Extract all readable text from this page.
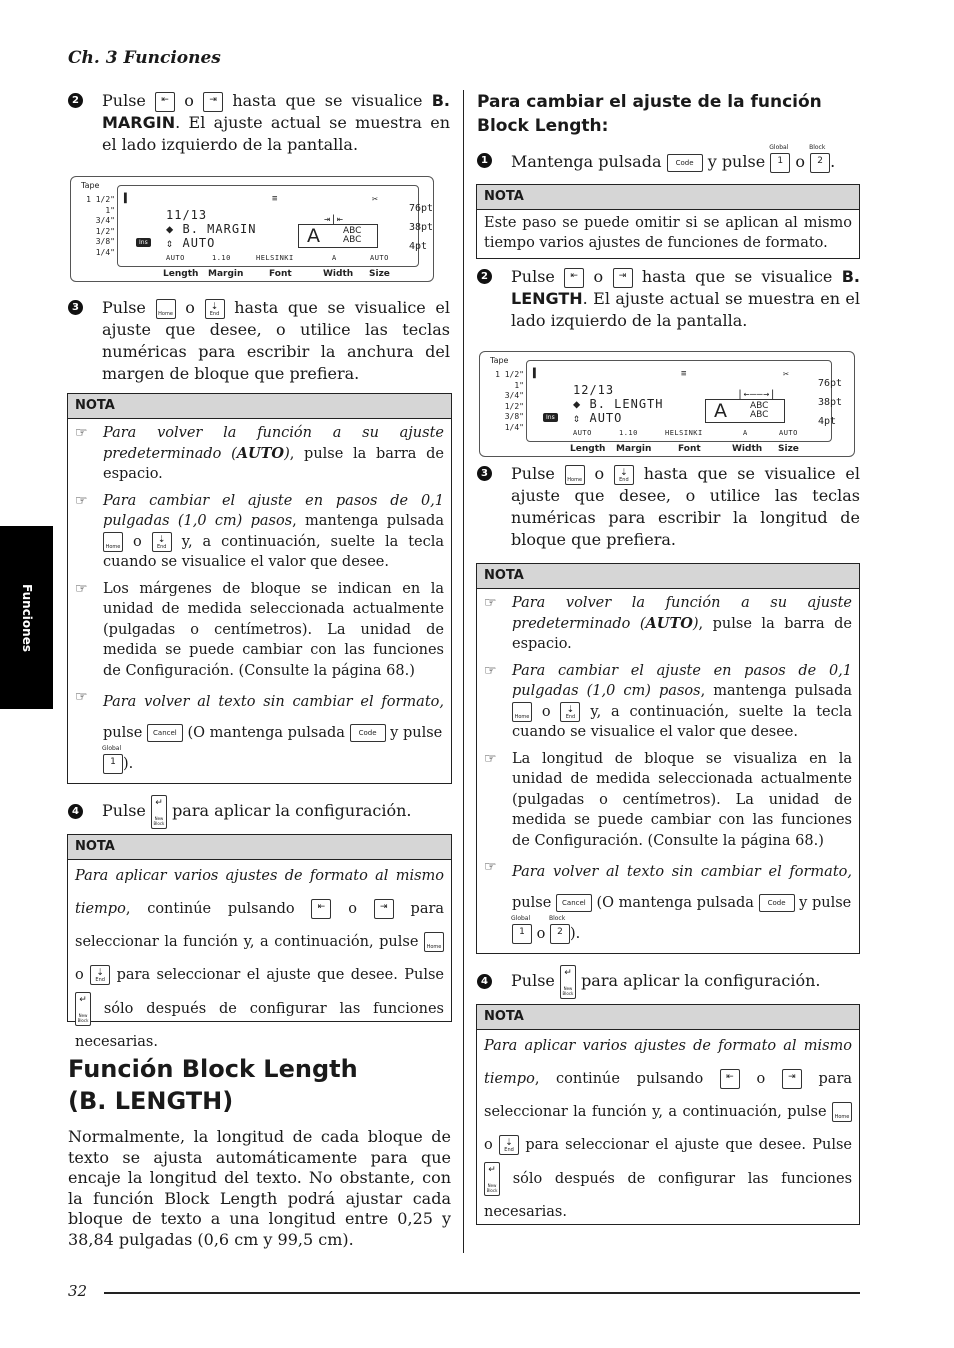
Ch. 3 Funciones
Funciones
32
2 Pulse	⇤ o	⇥ hasta que se visualice B. MARGIN. El ajuste actual se muestra en el lado izquierdo de la pantalla.
Tape
1 1/2"
1"
3/4"
1/2"
3/8"
1/4"
▌	≡	✂
11/13
◆ B. MARGIN
⇕ AUTO
Ins
⇥|⇤
A	ABC
ABC
AUTO	1.10	HELSINKI	A	AUTO
76pt
38pt
4pt
Length Margin	Font	Width Size
3 Pulse	Home o	⇣
End hasta que se visualice el ajuste que desee, o utilice las teclas numéricas para escribir la anchura del margen de bloque que prefiera.
NOTA
☞ Para volver la función a su ajuste predeterminado (AUTO), pulse la barra de espacio.
☞ Para cambiar el ajuste en pasos de 0,1 pulgadas (1,0 cm) pasos, mantenga pulsada
Home o	⇣
End y, a continuación, suelte la tecla cuando se visualice el valor que desee.
☞ Los márgenes de bloque se indican en la unidad de medida seleccionada actualmente (pulgadas o centímetros). La unidad de medida se puede cambiar con las funciones de Configuración. (Consulte la página 68.)
☞ Para volver al texto sin cambiar el formato, pulse Cancel (O mantenga pulsada Code y pulse

Global
1 ).
4 Pulse	↵
New Block
para aplicar la configuración.
NOTA
Para aplicar varios ajustes de formato al mismo tiempo, continúe pulsando	⇤	o	⇥	para seleccionar la función y, a continuación, pulse	Home
o	⇣
End para seleccionar el ajuste que desee. Pulse
↵
New Block
sólo después de configurar las funciones necesarias.
Función Block Length
(B. LENGTH)
Normalmente, la longitud de cada bloque de texto se ajusta automáticamente para que encaje la longitud del texto. No obstante, con la función Block Length podrá ajustar cada bloque de texto a una longitud entre 0,25 y 38,84 pulgadas (0,6 cm y 99,5 cm).
Para cambiar el ajuste de la función Block Length:
1 Mantenga pulsada Code y pulse
Global
1 o
Block
2 .
NOTA
Este paso se puede omitir si se aplican al mismo tiempo varios ajustes de funciones de formato.
2 Pulse	⇤ o	⇥ hasta que se visualice B. LENGTH. El ajuste actual se muestra en el lado izquierdo de la pantalla.
Tape
1 1/2"
1"
3/4"
1/2"
3/8"
1/4"
▌	≡	✂
12/13
◆ B. LENGTH
⇕ AUTO
Ins
|←——→|
A	ABC
ABC
AUTO	1.10	HELSINKI	A	AUTO
76pt
38pt
4pt
Length Margin	Font	Width Size
3 Pulse	Home o	⇣
End hasta que se visualice el ajuste que desee, o utilice las teclas numéricas para escribir la longitud de bloque que prefiera.
NOTA
☞ Para volver la función a su ajuste predeterminado (AUTO), pulse la barra de espacio.
☞ Para cambiar el ajuste en pasos de 0,1 pulgadas (1,0 cm) pasos, mantenga pulsada
Home o	⇣
End y, a continuación, suelte la tecla cuando se visualice el valor que desee.
☞ La longitud de bloque se visualiza en la unidad de medida seleccionada actualmente (pulgadas o centímetros). La unidad de medida se puede cambiar con las funciones de Configuración. (Consulte la página 68.)
☞ Para volver al texto sin cambiar el formato, pulse Cancel (O mantenga pulsada Code y pulse

Global
1 o
Block
2 ).
4 Pulse	↵
New Block
para aplicar la configuración.
NOTA
Para aplicar varios ajustes de formato al mismo tiempo, continúe pulsando	⇤	o	⇥	para seleccionar la función y, a continuación, pulse	Home
o	⇣
End para seleccionar el ajuste que desee. Pulse
↵
New Block
sólo después de configurar las funciones necesarias.
